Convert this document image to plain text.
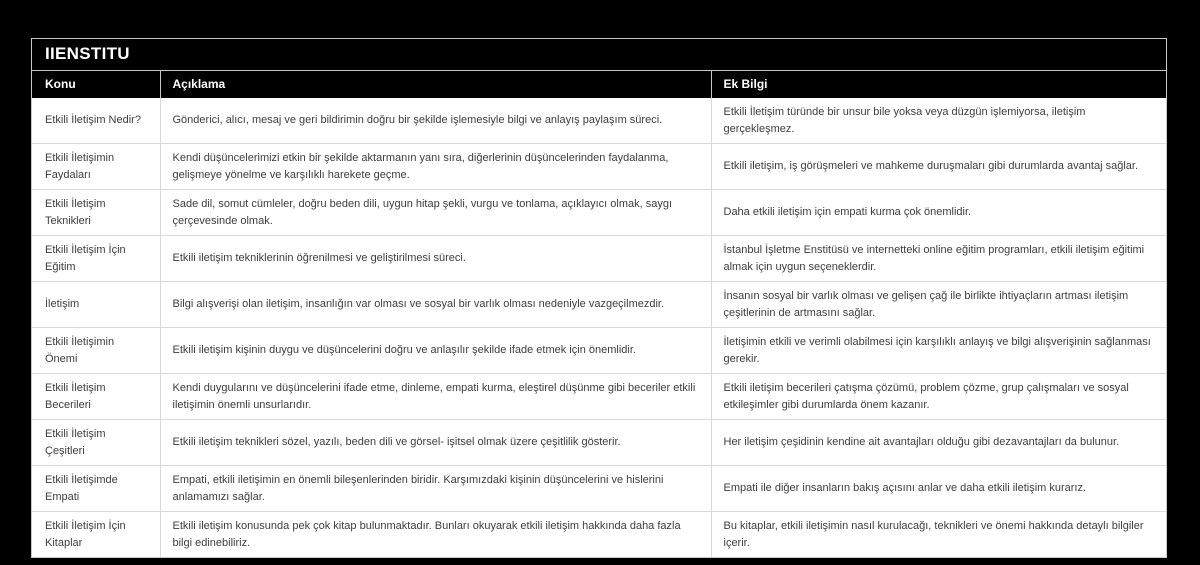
IIENSTITU
Konu	Açıklama	Ek Bilgi
Etkili İletişim Nedir?	Gönderici, alıcı, mesaj ve geri bildirimin doğru bir şekilde işlemesiyle bilgi ve anlayış paylaşım süreci.	Etkili İletişim türünde bir unsur bile yoksa veya düzgün işlemiyorsa, iletişim gerçekleşmez.
Etkili İletişimin Faydaları	Kendi düşüncelerimizi etkin bir şekilde aktarmanın yanı sıra, diğerlerinin düşüncelerinden faydalanma, gelişmeye yönelme ve karşılıklı harekete geçme.	Etkili iletişim, iş görüşmeleri ve mahkeme duruşmaları gibi durumlarda avantaj sağlar.
Etkili İletişim Teknikleri	Sade dil, somut cümleler, doğru beden dili, uygun hitap şekli, vurgu ve tonlama, açıklayıcı olmak, saygı çerçevesinde olmak.	Daha etkili iletişim için empati kurma çok önemlidir.
Etkili İletişim İçin Eğitim	Etkili iletişim tekniklerinin öğrenilmesi ve geliştirilmesi süreci.	İstanbul İşletme Enstitüsü ve internetteki online eğitim programları, etkili iletişim eğitimi almak için uygun seçeneklerdir.
İletişim	Bilgi alışverişi olan iletişim, insanlığın var olması ve sosyal bir varlık olması nedeniyle vazgeçilmezdir.	İnsanın sosyal bir varlık olması ve gelişen çağ ile birlikte ihtiyaçların artması iletişim çeşitlerinin de artmasını sağlar.
Etkili İletişimin Önemi	Etkili iletişim kişinin duygu ve düşüncelerini doğru ve anlaşılır şekilde ifade etmek için önemlidir.	İletişimin etkili ve verimli olabilmesi için karşılıklı anlayış ve bilgi alışverişinin sağlanması gerekir.
Etkili İletişim Becerileri	Kendi duygularını ve düşüncelerini ifade etme, dinleme, empati kurma, eleştirel düşünme gibi beceriler etkili iletişimin önemli unsurlarıdır.	Etkili iletişim becerileri çatışma çözümü, problem çözme, grup çalışmaları ve sosyal etkileşimler gibi durumlarda önem kazanır.
Etkili İletişim Çeşitleri	Etkili iletişim teknikleri sözel, yazılı, beden dili ve görsel- işitsel olmak üzere çeşitlilik gösterir.	Her iletişim çeşidinin kendine ait avantajları olduğu gibi dezavantajları da bulunur.
Etkili İletişimde Empati	Empati, etkili iletişimin en önemli bileşenlerinden biridir. Karşımızdaki kişinin düşüncelerini ve hislerini anlamamızı sağlar.	Empati ile diğer insanların bakış açısını anlar ve daha etkili iletişim kurarız.
Etkili İletişim İçin Kitaplar	Etkili iletişim konusunda pek çok kitap bulunmaktadır. Bunları okuyarak etkili iletişim hakkında daha fazla bilgi edinebiliriz.	Bu kitaplar, etkili iletişimin nasıl kurulacağı, teknikleri ve önemi hakkında detaylı bilgiler içerir.
